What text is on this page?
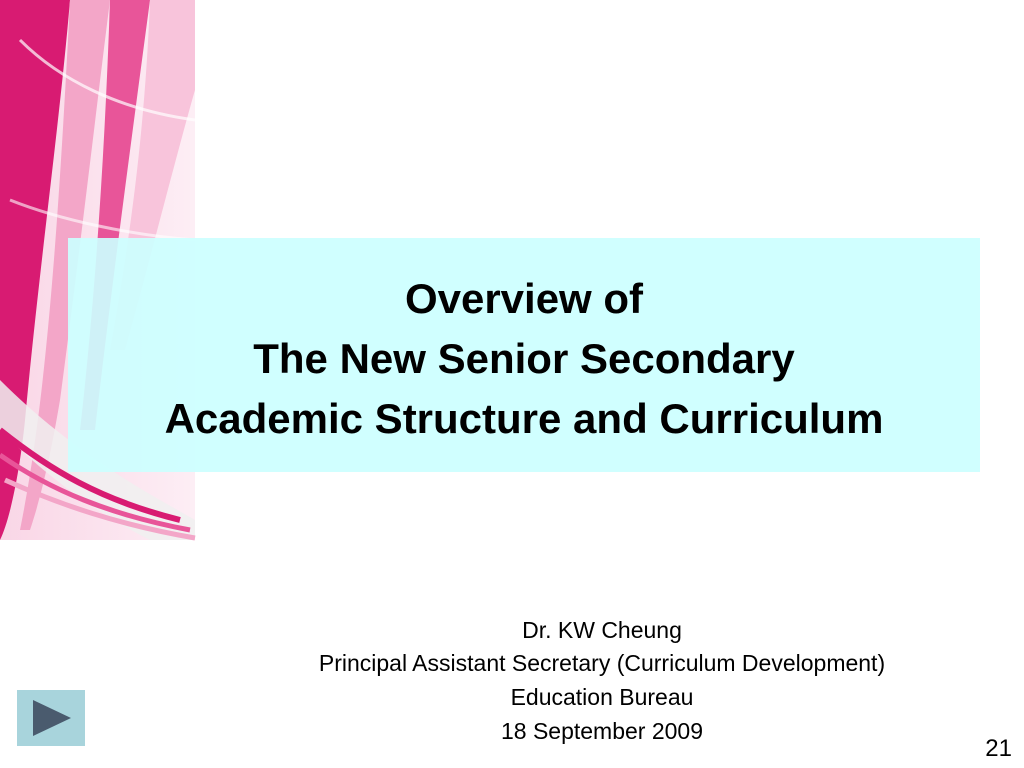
Overview of
The New Senior Secondary
Academic Structure and Curriculum
Dr. KW Cheung
Principal Assistant Secretary (Curriculum Development)
Education Bureau
18 September 2009
21
